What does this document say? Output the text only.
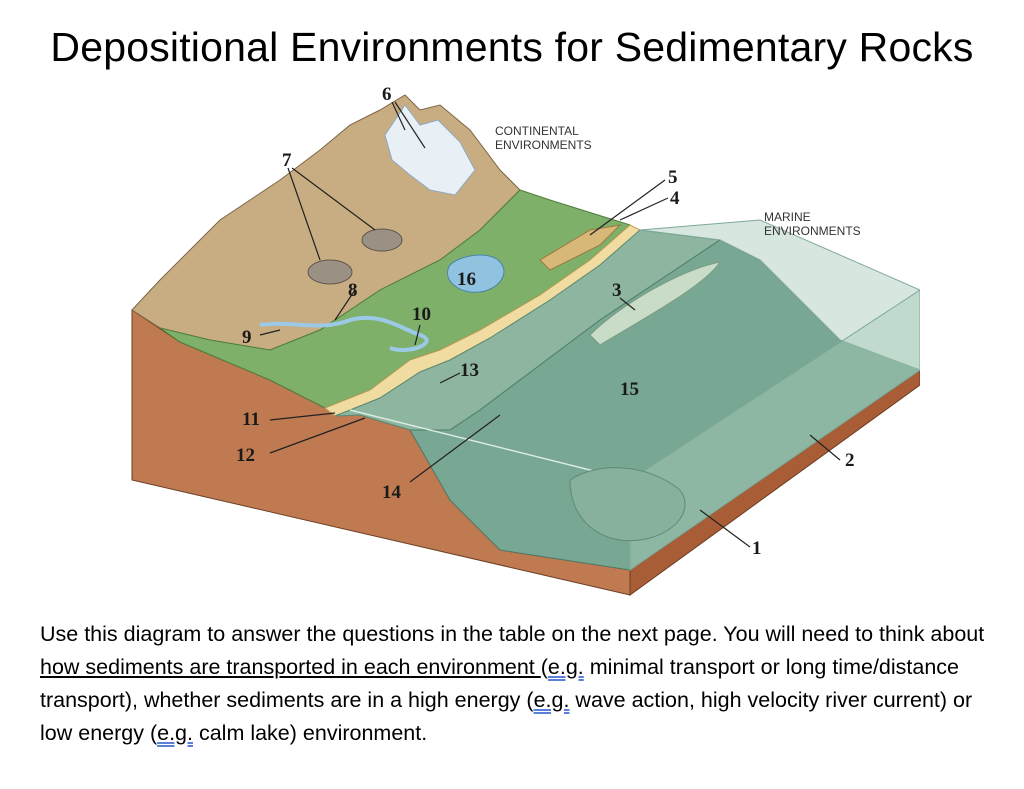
Depositional Environments for Sedimentary Rocks
CONTINENTAL
ENVIRONMENTS
MARINE
ENVIRONMENTS
6
7
5
4
3
16
8
10
9
13
15
11
12	2
14
1
Use this diagram to answer the questions in the table on the next page. You will need to think about how sediments are transported in each environment (e.g. minimal transport or long time/distance transport), whether sediments are in a high energy (e.g. wave action, high velocity river current) or low energy (e.g. calm lake) environment.
